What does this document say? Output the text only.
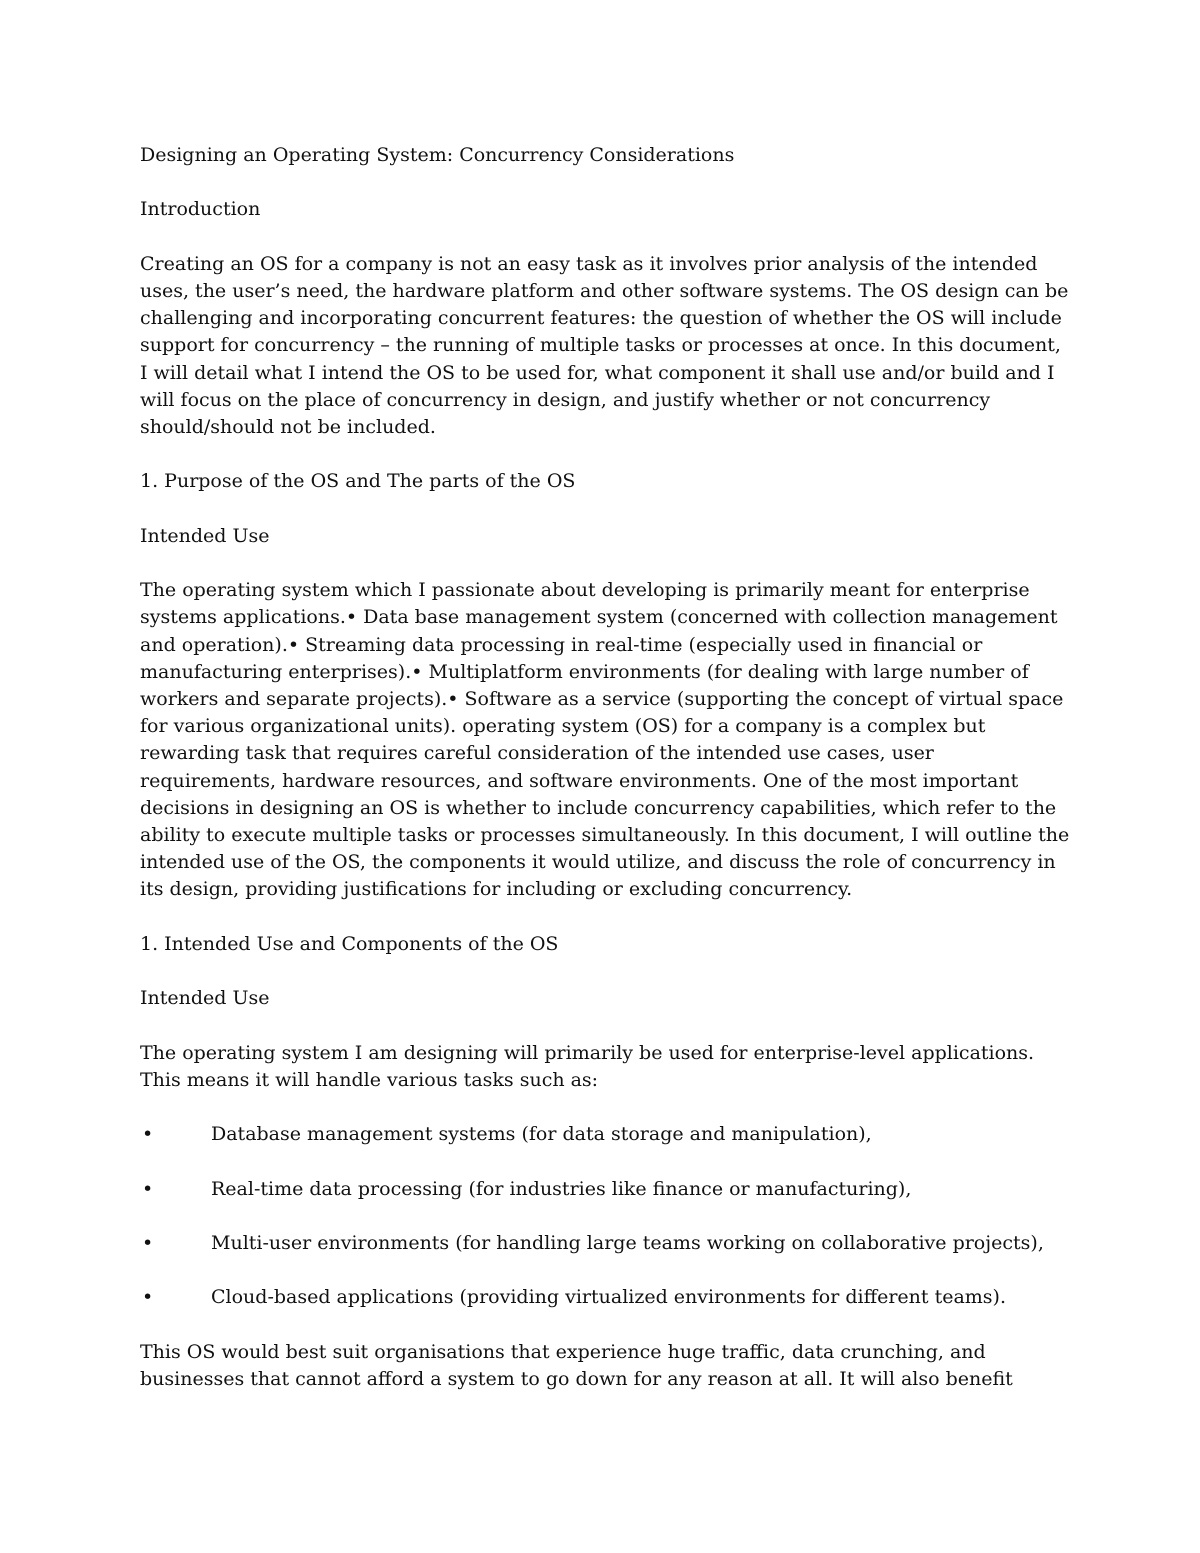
Designing an Operating System: Concurrency Considerations

Introduction

Creating an OS for a company is not an easy task as it involves prior analysis of the intended uses, the user’s need, the hardware platform and other software systems. The OS design can be challenging and incorporating concurrent features: the question of whether the OS will include support for concurrency – the running of multiple tasks or processes at once. In this document, I will detail what I intend the OS to be used for, what component it shall use and/or build and I will focus on the place of concurrency in design, and justify whether or not concurrency should/should not be included.

1. Purpose of the OS and The parts of the OS

Intended Use

The operating system which I passionate about developing is primarily meant for enterprise systems applications.• Data base management system (concerned with collection management and operation).• Streaming data processing in real-time (especially used in financial or manufacturing enterprises).• Multiplatform environments (for dealing with large number of workers and separate projects).• Software as a service (supporting the concept of virtual space for various organizational units). operating system (OS) for a company is a complex but rewarding task that requires careful consideration of the intended use cases, user requirements, hardware resources, and software environments. One of the most important decisions in designing an OS is whether to include concurrency capabilities, which refer to the ability to execute multiple tasks or processes simultaneously. In this document, I will outline the intended use of the OS, the components it would utilize, and discuss the role of concurrency in its design, providing justifications for including or excluding concurrency.

1. Intended Use and Components of the OS

Intended Use

The operating system I am designing will primarily be used for enterprise-level applications. This means it will handle various tasks such as:

•	Database management systems (for data storage and manipulation),
•	Real-time data processing (for industries like finance or manufacturing),
•	Multi-user environments (for handling large teams working on collaborative projects),
•	Cloud-based applications (providing virtualized environments for different teams).

This OS would best suit organisations that experience huge traffic, data crunching, and businesses that cannot afford a system to go down for any reason at all. It will also benefit
